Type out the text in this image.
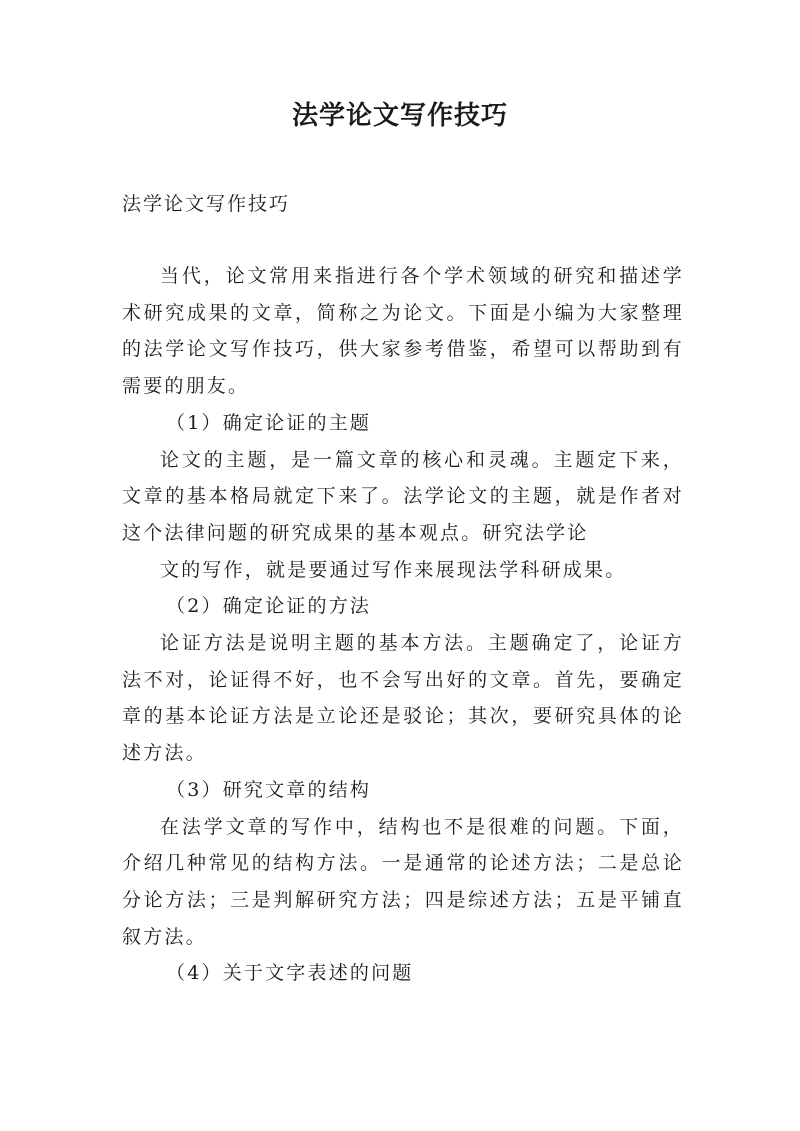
法学论文写作技巧
法学论文写作技巧

当代，论文常用来指进行各个学术领域的研究和描述学术研究成果的文章，简称之为论文。下面是小编为大家整理的法学论文写作技巧，供大家参考借鉴，希望可以帮助到有需要的朋友。

（1）确定论证的主题

论文的主题，是一篇文章的核心和灵魂。主题定下来，文章的基本格局就定下来了。法学论文的主题，就是作者对这个法律问题的研究成果的基本观点。研究法学论

文的写作，就是要通过写作来展现法学科研成果。

（2）确定论证的方法

论证方法是说明主题的基本方法。主题确定了，论证方法不对，论证得不好，也不会写出好的文章。首先，要确定章的基本论证方法是立论还是驳论；其次，要研究具体的论述方法。

（3）研究文章的结构

在法学文章的写作中，结构也不是很难的问题。下面，介绍几种常见的结构方法。一是通常的论述方法；二是总论分论方法；三是判解研究方法；四是综述方法；五是平铺直叙方法。

（4）关于文字表述的问题
